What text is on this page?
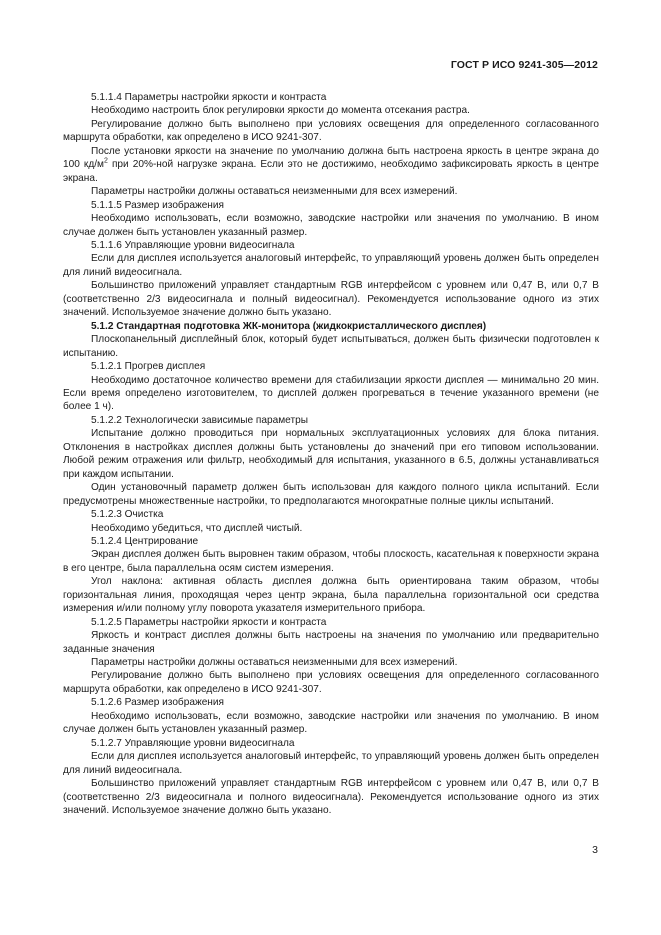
ГОСТ Р ИСО 9241-305—2012

5.1.1.4 Параметры настройки яркости и контраста

Необходимо настроить блок регулировки яркости до момента отсекания растра.

Регулирование должно быть выполнено при условиях освещения для определенного согласованного маршрута обработки, как определено в ИСО 9241-307.

После установки яркости на значение по умолчанию должна быть настроена яркость в центре экрана до 100 $кд/м^2$ при 20%-ной нагрузке экрана. Если это не достижимо, необходимо зафиксировать яркость в центре экрана.

Параметры настройки должны оставаться неизменными для всех измерений.

5.1.1.5 Размер изображения

Необходимо использовать, если возможно, заводские настройки или значения по умолчанию. В ином случае должен быть установлен указанный размер.

5.1.1.6 Управляющие уровни видеосигнала

Если для дисплея используется аналоговый интерфейс, то управляющий уровень должен быть определен для линий видеосигнала.

Большинство приложений управляет стандартным RGB интерфейсом с уровнем или 0,47 В, или 0,7 В (соответственно 2/3 видеосигнала и полный видеосигнал). Рекомендуется использование одного из этих значений. Используемое значение должно быть указано.

5.1.2 Стандартная подготовка ЖК-монитора (жидкокристаллического дисплея)

Плоскопанельный дисплейный блок, который будет испытываться, должен быть физически подготовлен к испытанию.

5.1.2.1 Прогрев дисплея

Необходимо достаточное количество времени для стабилизации яркости дисплея — минимально 20 мин. Если время определено изготовителем, то дисплей должен прогреваться в течение указанного времени (не более 1 ч).

5.1.2.2 Технологически зависимые параметры

Испытание должно проводиться при нормальных эксплуатационных условиях для блока питания. Отклонения в настройках дисплея должны быть установлены до значений при его типовом использовании. Любой режим отражения или фильтр, необходимый для испытания, указанного в 6.5, должны устанавливаться при каждом испытании.

Один установочный параметр должен быть использован для каждого полного цикла испытаний. Если предусмотрены множественные настройки, то предполагаются многократные полные циклы испытаний.

5.1.2.3 Очистка

Необходимо убедиться, что дисплей чистый.

5.1.2.4 Центрирование

Экран дисплея должен быть выровнен таким образом, чтобы плоскость, касательная к поверхности экрана в его центре, была параллельна осям систем измерения.

Угол наклона: активная область дисплея должна быть ориентирована таким образом, чтобы горизонтальная линия, проходящая через центр экрана, была параллельна горизонтальной оси средства измерения и/или полному углу поворота указателя измерительного прибора.

5.1.2.5 Параметры настройки яркости и контраста

Яркость и контраст дисплея должны быть настроены на значения по умолчанию или предварительно заданные значения

Параметры настройки должны оставаться неизменными для всех измерений.

Регулирование должно быть выполнено при условиях освещения для определенного согласованного маршрута обработки, как определено в ИСО 9241-307.

5.1.2.6 Размер изображения

Необходимо использовать, если возможно, заводские настройки или значения по умолчанию. В ином случае должен быть установлен указанный размер.

5.1.2.7 Управляющие уровни видеосигнала

Если для дисплея используется аналоговый интерфейс, то управляющий уровень должен быть определен для линий видеосигнала.

Большинство приложений управляет стандартным RGB интерфейсом с уровнем или 0,47 В, или 0,7 В (соответственно 2/3 видеосигнала и полного видеосигнала). Рекомендуется использование одного из этих значений. Используемое значение должно быть указано.

3
